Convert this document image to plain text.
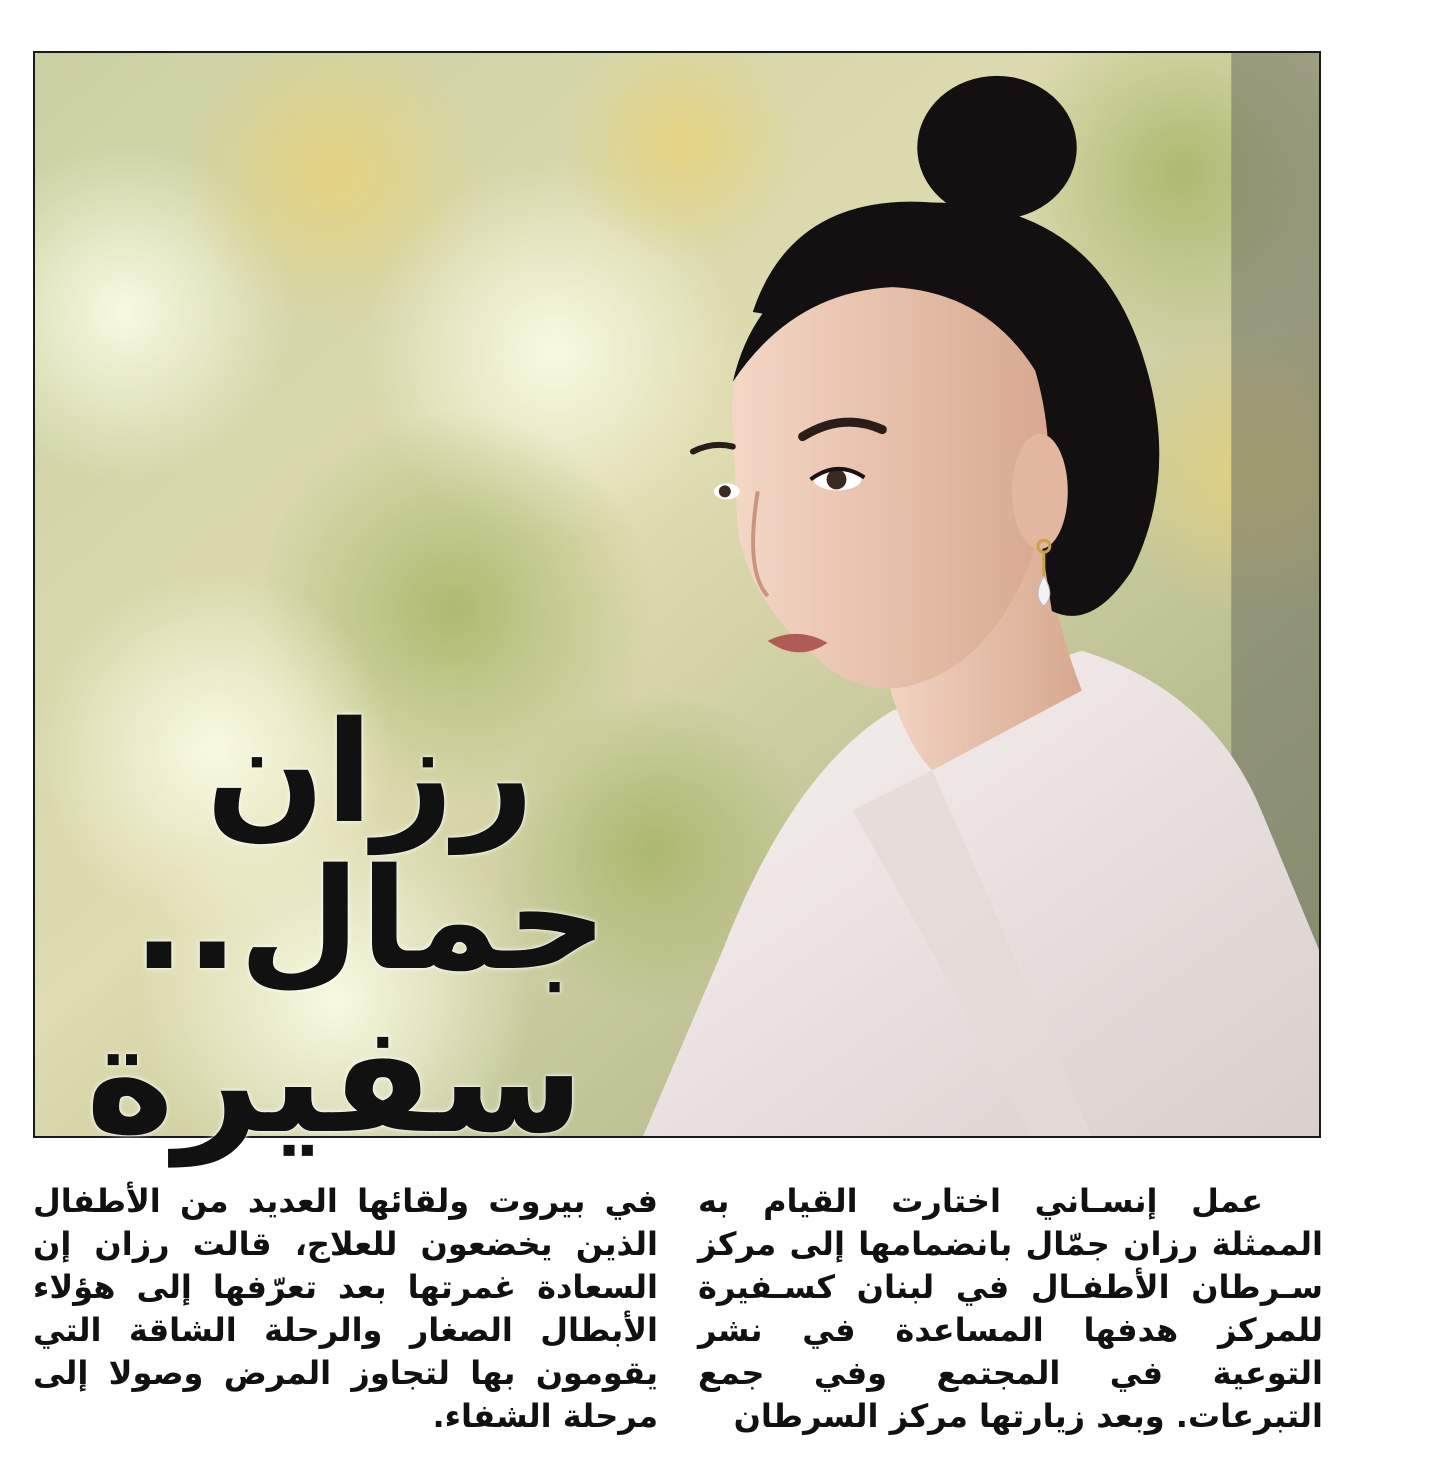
رزان جمال..
سفيرة

عمل إنسـاني اختارت القيام به الممثلة رزان جمّال بانضمامها إلى مركز سـرطان الأطفـال في لبنان كسـفيرة للمركز هدفها المساعدة في نشر التوعية في المجتمع وفي جمع التبرعات. وبعد زيارتها مركز السرطان

في بيروت ولقائها العديد من الأطفال الذين يخضعون للعلاج، قالت رزان إن السعادة غمرتها بعد تعرّفها إلى هؤلاء الأبطال الصغار والرحلة الشاقة التي يقومون بها لتجاوز المرض وصولا إلى مرحلة الشفاء.
